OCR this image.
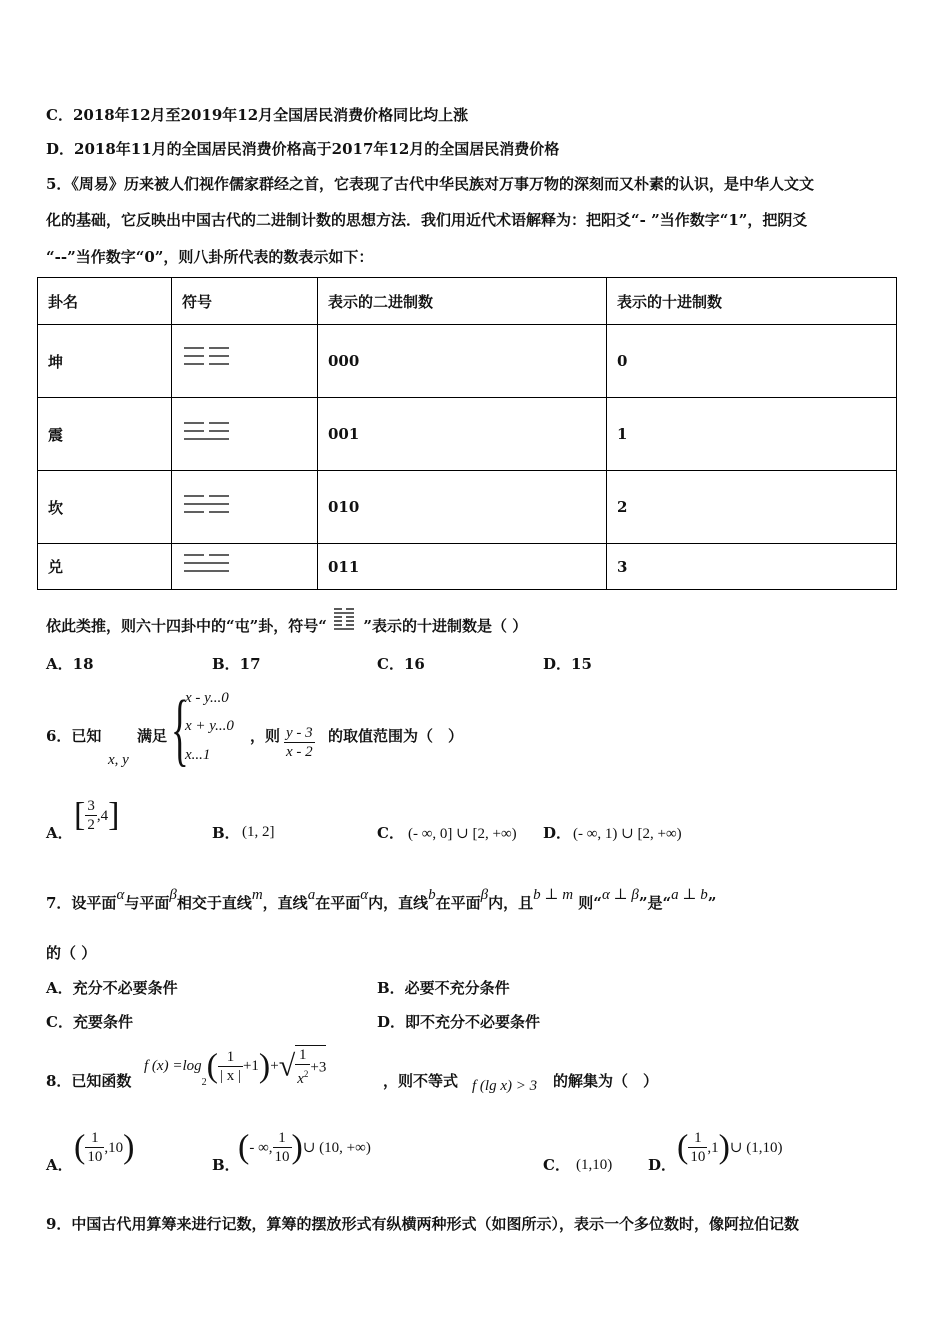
C．2018年12月至2019年12月全国居民消费价格同比均上涨
D．2018年11月的全国居民消费价格高于2017年12月的全国居民消费价格
5．《周易》历来被人们视作儒家群经之首，它表现了古代中华民族对万事万物的深刻而又朴素的认识，是中华人文文
化的基础，它反映出中国古代的二进制计数的思想方法．我们用近代术语解释为：把阳爻“- ”当作数字“1”，把阴爻
“--”当作数字“0”，则八卦所代表的数表示如下：
卦名	符号	表示的二进制数	表示的十进制数
坤		000	0
震		001	1
坎		010	2
兑		011	3
依此类推，则六十四卦中的“屯”卦，符号“ ”表示的十进制数是（ ）
A．18	B．17	C．16	D．15
6．已知
x, y
满足 {
x - y...0
x + y...0
x...1
，则 $\frac{y - 3}{x - 2}$ 的取值范围为（　）
A． [ $\frac{3}{2} ,4$]	B． (1, 2]	C． (- ∞, 0] ∪ [2, +∞) D． (- ∞, 1) ∪ [2, +∞)
7．设平面α与平面β相交于直线m，直线a在平面α内，直线b在平面β内，且b ⊥ m 则“α ⊥ β”是“a ⊥ b”
的（ ）
A．充分不必要条件	B．必要不充分条件
C．充要条件	D．即不充分不必要条件
8．已知函数
f $(x) =\log_2( \frac{1}{| x |} +1)+√ \frac{1}{x^2} +3$
，则不等式 f (lg x) > 3 的解集为（　）
A． ( $\frac{1}{10} ,10$)	B．
(- ∞, $\frac{1}{10}$ )∪ (10, +∞)
C． (1,10) D． ( $\frac{1}{10}$ ,1)∪ (1,10)
9．中国古代用算筹来进行记数，算筹的摆放形式有纵横两种形式（如图所示），表示一个多位数时，像阿拉伯记数
